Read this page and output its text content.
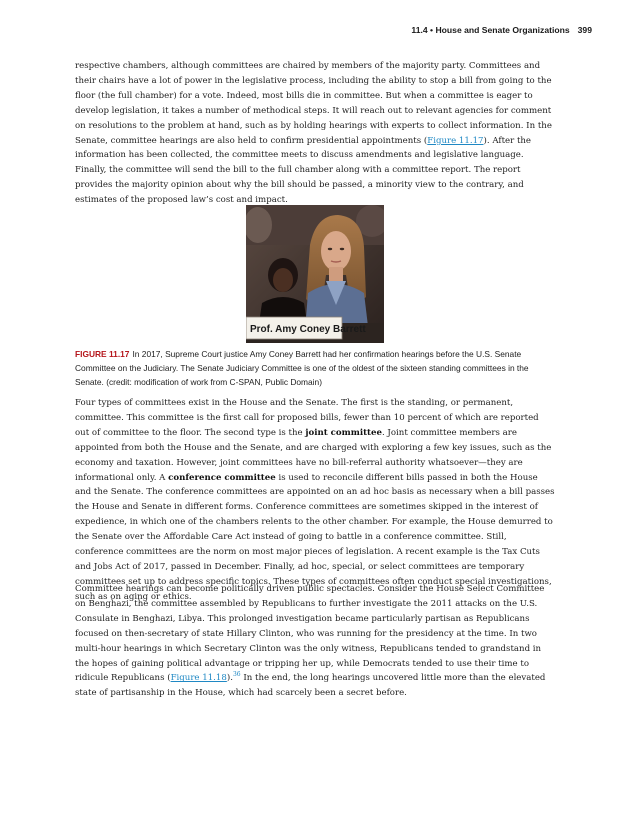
11.4 • House and Senate Organizations 399

respective chambers, although committees are chaired by members of the majority party. Committees and their chairs have a lot of power in the legislative process, including the ability to stop a bill from going to the floor (the full chamber) for a vote. Indeed, most bills die in committee. But when a committee is eager to develop legislation, it takes a number of methodical steps. It will reach out to relevant agencies for comment on resolutions to the problem at hand, such as by holding hearings with experts to collect information. In the Senate, committee hearings are also held to confirm presidential appointments (Figure 11.17). After the information has been collected, the committee meets to discuss amendments and legislative language. Finally, the committee will send the bill to the full chamber along with a committee report. The report provides the majority opinion about why the bill should be passed, a minority view to the contrary, and estimates of the proposed law’s cost and impact.

Prof. Amy Coney Barrett

FIGURE 11.17 In 2017, Supreme Court justice Amy Coney Barrett had her confirmation hearings before the U.S. Senate Committee on the Judiciary. The Senate Judiciary Committee is one of the oldest of the sixteen standing committees in the Senate. (credit: modification of work from C-SPAN, Public Domain)

Four types of committees exist in the House and the Senate. The first is the standing, or permanent, committee. This committee is the first call for proposed bills, fewer than 10 percent of which are reported out of committee to the floor. The second type is the joint committee. Joint committee members are appointed from both the House and the Senate, and are charged with exploring a few key issues, such as the economy and taxation. However, joint committees have no bill-referral authority whatsoever—they are informational only. A conference committee is used to reconcile different bills passed in both the House and the Senate. The conference committees are appointed on an ad hoc basis as necessary when a bill passes the House and Senate in different forms. Conference committees are sometimes skipped in the interest of expedience, in which one of the chambers relents to the other chamber. For example, the House demurred to the Senate over the Affordable Care Act instead of going to battle in a conference committee. Still, conference committees are the norm on most major pieces of legislation. A recent example is the Tax Cuts and Jobs Act of 2017, passed in December. Finally, ad hoc, special, or select committees are temporary committees set up to address specific topics. These types of committees often conduct special investigations, such as on aging or ethics.

Committee hearings can become politically driven public spectacles. Consider the House Select Committee on Benghazi, the committee assembled by Republicans to further investigate the 2011 attacks on the U.S. Consulate in Benghazi, Libya. This prolonged investigation became particularly partisan as Republicans focused on then-secretary of state Hillary Clinton, who was running for the presidency at the time. In two multi-hour hearings in which Secretary Clinton was the only witness, Republicans tended to grandstand in the hopes of gaining political advantage or tripping her up, while Democrats tended to use their time to ridicule Republicans (Figure 11.18).$^{36}$ In the end, the long hearings uncovered little more than the elevated state of partisanship in the House, which had scarcely been a secret before.
